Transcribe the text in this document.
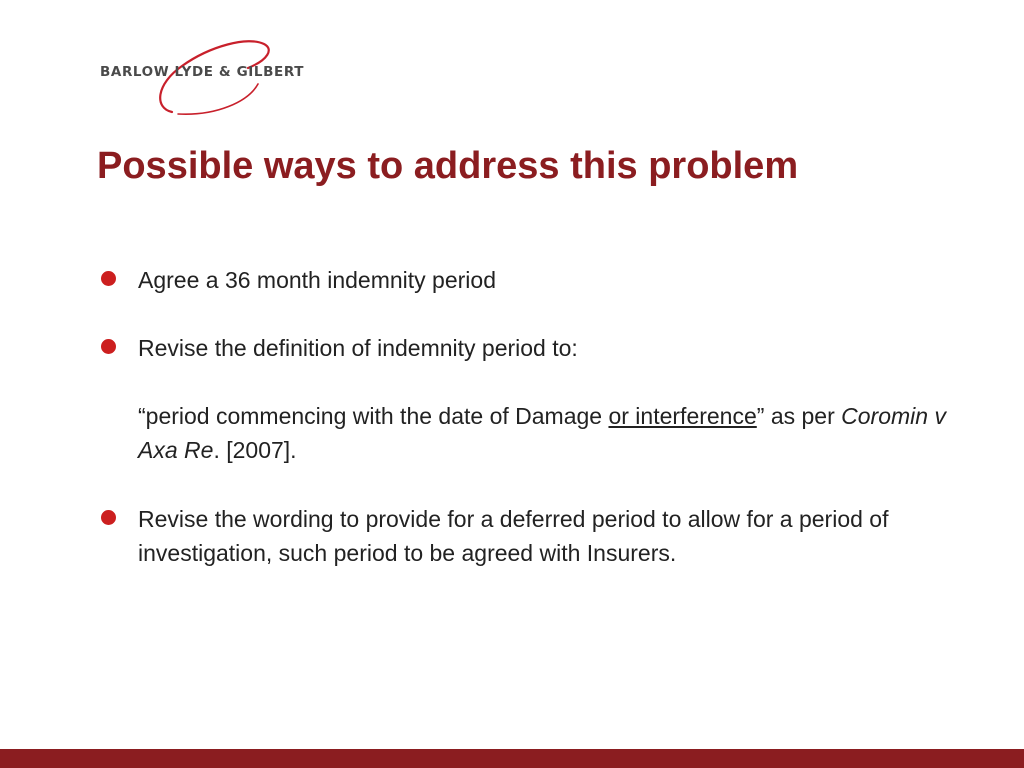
BARLOW LYDE & GILBERT
Possible ways to address this problem
Agree a 36 month indemnity period
Revise the definition of indemnity period to:
“period commencing with the date of Damage or interference” as per Coromin v Axa Re. [2007].
Revise the wording to provide for a deferred period to allow for a period of investigation, such period to be agreed with Insurers.
